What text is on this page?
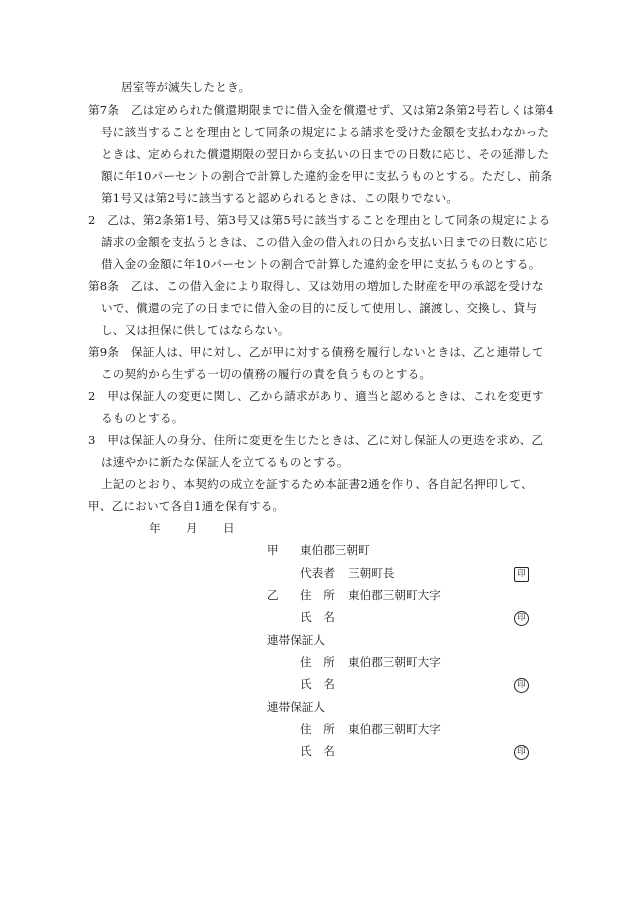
居室等が滅失したとき。
第7条　乙は定められた償還期限までに借入金を償還せず、又は第2条第2号若しくは第4
号に該当することを理由として同条の規定による請求を受けた金額を支払わなかった
ときは、定められた償還期限の翌日から支払いの日までの日数に応じ、その延滞した
額に年10パーセントの割合で計算した違約金を甲に支払うものとする。ただし、前条
第1号又は第2号に該当すると認められるときは、この限りでない。
2　乙は、第2条第1号、第3号又は第5号に該当することを理由として同条の規定による
請求の金額を支払うときは、この借入金の借入れの日から支払い日までの日数に応じ
借入金の金額に年10パーセントの割合で計算した違約金を甲に支払うものとする。
第8条　乙は、この借入金により取得し、又は効用の増加した財産を甲の承認を受けな
いで、償還の完了の日までに借入金の目的に反して使用し、譲渡し、交換し、貸与
し、又は担保に供してはならない。
第9条　保証人は、甲に対し、乙が甲に対する債務を履行しないときは、乙と連帯して
この契約から生ずる一切の債務の履行の責を負うものとする。
2　甲は保証人の変更に関し、乙から請求があり、適当と認めるときは、これを変更す
るものとする。
3　甲は保証人の身分、住所に変更を生じたときは、乙に対し保証人の更迭を求め、乙
は速やかに新たな保証人を立てるものとする。
上記のとおり、本契約の成立を証するため本証書2通を作り、各自記名押印して、
甲、乙において各自1通を保有する。
年 月 日
甲 東伯郡三朝町
代表者 三朝町長	印
乙 住　所 東伯郡三朝町大字
氏　名	印
連帯保証人
住　所 東伯郡三朝町大字
氏　名	印
連帯保証人
住　所 東伯郡三朝町大字
氏　名	印
